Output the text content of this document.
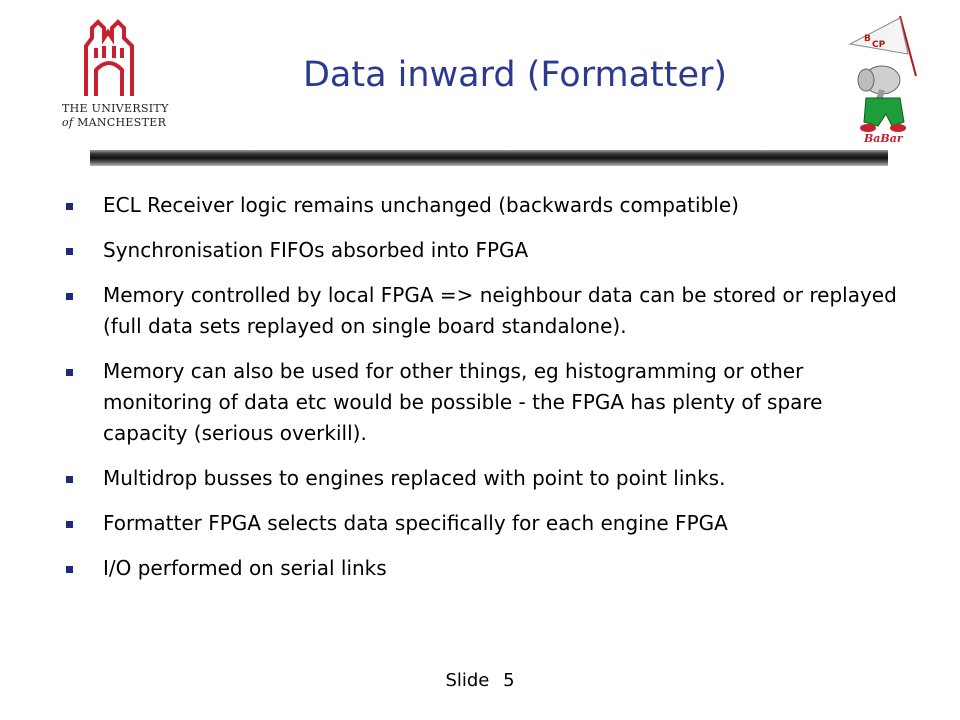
THE UNIVERSITY
of MANCHESTER
Data inward (Formatter)
B
CP
BaBar
ECL Receiver logic remains unchanged (backwards compatible)
Synchronisation FIFOs absorbed into FPGA
Memory controlled by local FPGA => neighbour data can be stored or replayed (full data sets replayed on single board standalone).
Memory can also be used for other things, eg histogramming or other monitoring of data etc would be possible - the FPGA has plenty of spare capacity (serious overkill).
Multidrop busses to engines replaced with point to point links.
Formatter FPGA selects data specifically for each engine FPGA
I/O performed on serial links
Slide 5
